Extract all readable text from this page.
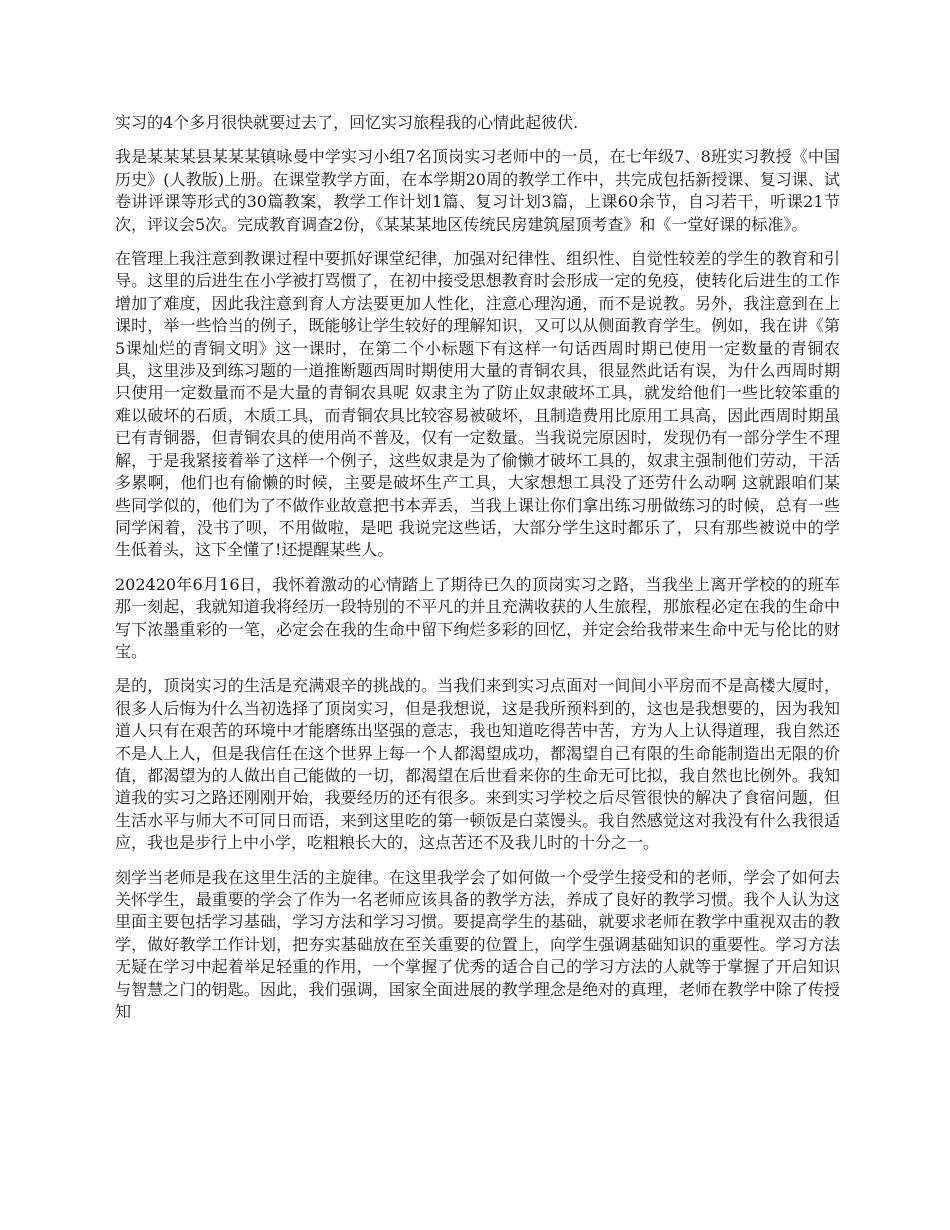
实习的4个多月很快就要过去了，回忆实习旅程我的心情此起彼伏.

我是某某某县某某某镇咏曼中学实习小组7名顶岗实习老师中的一员，在七年级7、8班实习教授《中国历史》(人教版)上册。在课堂教学方面，在本学期20周的教学工作中，共完成包括新授课、复习课、试卷讲评课等形式的30篇教案，教学工作计划1篇、复习计划3篇，上课60余节，自习若干，听课21节次，评议会5次。完成教育调查2份，《某某某地区传统民房建筑屋顶考查》和《一堂好课的标准》。

在管理上我注意到教课过程中要抓好课堂纪律，加强对纪律性、组织性、自觉性较差的学生的教育和引导。这里的后进生在小学被打骂惯了，在初中接受思想教育时会形成一定的免疫，使转化后进生的工作增加了难度，因此我注意到育人方法要更加人性化，注意心理沟通，而不是说教。另外，我注意到在上课时，举一些恰当的例子，既能够让学生较好的理解知识，又可以从侧面教育学生。例如，我在讲《第5课灿烂的青铜文明》这一课时，在第二个小标题下有这样一句话西周时期已使用一定数量的青铜农具，这里涉及到练习题的一道推断题西周时期使用大量的青铜农具，很显然此话有误，为什么西周时期只使用一定数量而不是大量的青铜农具呢 奴隶主为了防止奴隶破坏工具，就发给他们一些比较笨重的难以破坏的石质，木质工具，而青铜农具比较容易被破坏，且制造费用比原用工具高，因此西周时期虽已有青铜器，但青铜农具的使用尚不普及，仅有一定数量。当我说完原因时，发现仍有一部分学生不理解，于是我紧接着举了这样一个例子，这些奴隶是为了偷懒才破坏工具的，奴隶主强制他们劳动，干活多累啊，他们也有偷懒的时候，主要是破坏生产工具，大家想想工具没了还劳什么动啊 这就跟咱们某些同学似的，他们为了不做作业故意把书本弄丢，当我上课让你们拿出练习册做练习的时候，总有一些同学闲着，没书了呗，不用做啦，是吧 我说完这些话，大部分学生这时都乐了，只有那些被说中的学生低着头，这下全懂了!还提醒某些人。

202420年6月16日，我怀着激动的心情踏上了期待已久的顶岗实习之路，当我坐上离开学校的的班车那一刻起，我就知道我将经历一段特别的不平凡的并且充满收获的人生旅程，那旅程必定在我的生命中写下浓墨重彩的一笔，必定会在我的生命中留下绚烂多彩的回忆，并定会给我带来生命中无与伦比的财宝。

是的，顶岗实习的生活是充满艰辛的挑战的。当我们来到实习点面对一间间小平房而不是高楼大厦时，很多人后悔为什么当初选择了顶岗实习，但是我想说，这是我所预料到的，这也是我想要的，因为我知道人只有在艰苦的环境中才能磨练出坚强的意志，我也知道吃得苦中苦，方为人上认得道理，我自然还不是人上人，但是我信任在这个世界上每一个人都渴望成功，都渴望自己有限的生命能制造出无限的价值，都渴望为的人做出自己能做的一切，都渴望在后世看来你的生命无可比拟，我自然也比例外。我知道我的实习之路还刚刚开始，我要经历的还有很多。来到实习学校之后尽管很快的解决了食宿问题，但生活水平与师大不可同日而语，来到这里吃的第一顿饭是白菜馒头。我自然感觉这对我没有什么我很适应，我也是步行上中小学，吃粗粮长大的，这点苦还不及我儿时的十分之一。

刻学当老师是我在这里生活的主旋律。在这里我学会了如何做一个受学生接受和的老师，学会了如何去关怀学生，最重要的学会了作为一名老师应该具备的教学方法，养成了良好的教学习惯。我个人认为这里面主要包括学习基础，学习方法和学习习惯。要提高学生的基础，就要求老师在教学中重视双击的教学，做好教学工作计划，把夯实基础放在至关重要的位置上，向学生强调基础知识的重要性。学习方法无疑在学习中起着举足轻重的作用，一个掌握了优秀的适合自己的学习方法的人就等于掌握了开启知识与智慧之门的钥匙。因此，我们强调，国家全面进展的教学理念是绝对的真理，老师在教学中除了传授知
